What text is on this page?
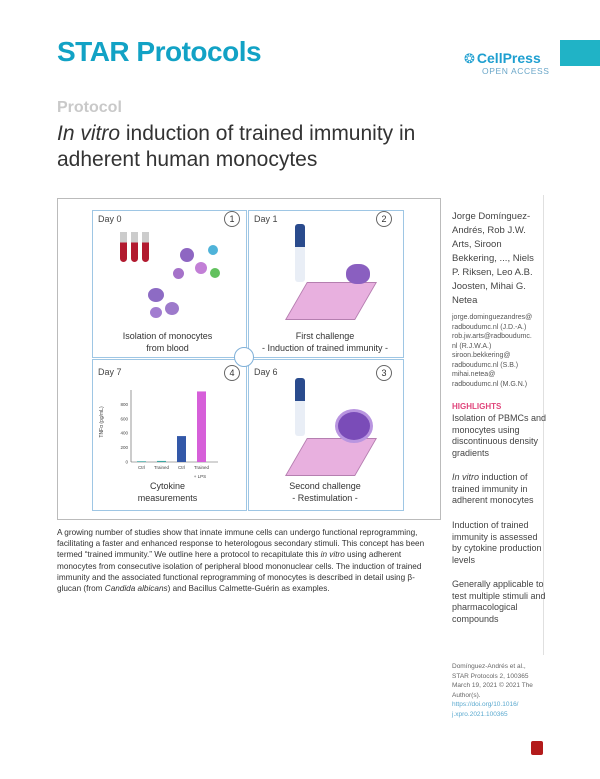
STAR Protocols	❂ CellPress
OPEN ACCESS
Protocol
In vitro induction of trained immunity in adherent human monocytes
Day 0	1
Isolation of monocytes
from blood
Day 1	2
First challenge
- Induction of trained immunity -
Day 6	3
Second challenge
- Restimulation -
Day 7	4
TNFα (pg/mL)
800
600
400
200
0
Ctrl Trained Ctrl Trained
+ LPS
Cytokine
measurements
Jorge Domínguez-Andrés, Rob J.W. Arts, Siroon Bekkering, ..., Niels P. Riksen, Leo A.B. Joosten, Mihai G. Netea
jorge.dominguezandres@
radboudumc.nl (J.D.-A.)
rob.jw.arts@radboudumc.
nl (R.J.W.A.)
siroon.bekkering@
radboudumc.nl (S.B.)
mihai.netea@
radboudumc.nl (M.G.N.)
HIGHLIGHTS
Isolation of PBMCs and monocytes using discontinuous density gradients
In vitro induction of trained immunity in adherent monocytes
Induction of trained immunity is assessed by cytokine production levels
Generally applicable to test multiple stimuli and pharmacological compounds
Domínguez-Andrés et al.,
STAR Protocols 2, 100365
March 19, 2021 © 2021 The
Author(s).
https://doi.org/10.1016/
j.xpro.2021.100365
A growing number of studies show that innate immune cells can undergo functional reprogramming, facilitating a faster and enhanced response to heterologous secondary stimuli. This concept has been termed “trained immunity.” We outline here a protocol to recapitulate this in vitro using adherent monocytes from consecutive isolation of peripheral blood mononuclear cells. The induction of trained immunity and the associated functional reprogramming of monocytes is described in detail using β-glucan (from Candida albicans) and Bacillus Calmette-Guérin as examples.
